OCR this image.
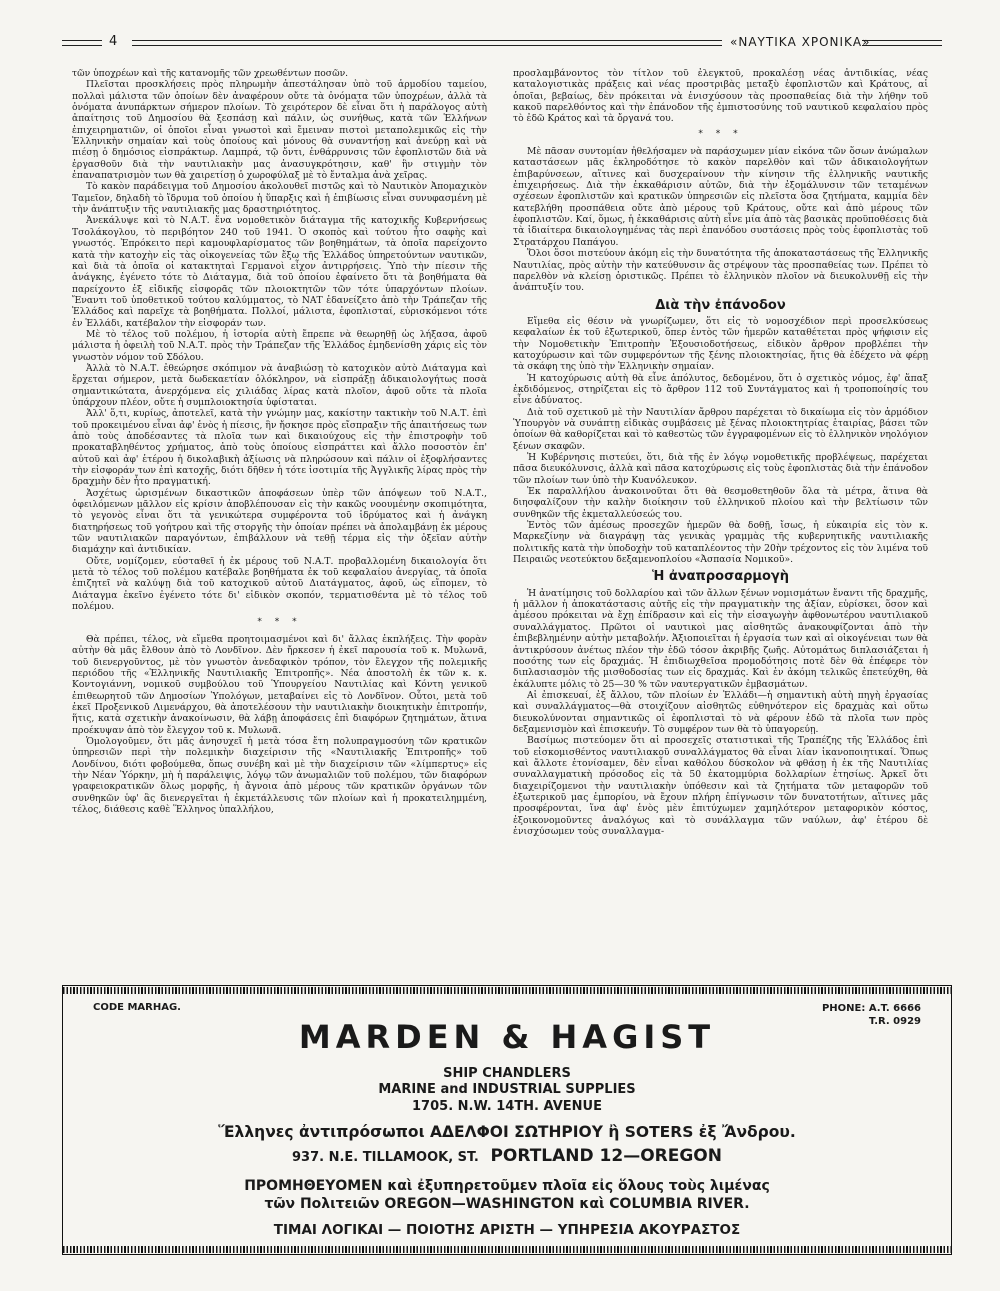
4	«ΝΑΥΤΙΚΑ ΧΡΟΝΙΚΑ»

τῶν ὑποχρέων καὶ τῆς κατανομῆς τῶν χρεωθέντων ποσῶν.

Πλεῖσται προσκλήσεις πρὸς πληρωμὴν ἀπεστάλησαν ὑπὸ τοῦ ἁρμοδίου ταμείου, πολλαὶ μάλιστα τῶν ὁποίων δὲν ἀναφέρουν οὔτε τὰ ὀνόματα τῶν ὑποχρέων, ἀλλὰ τὰ ὀνόματα ἀνυπάρκτων σήμερον πλοίων. Τὸ χειρότερον δὲ εἶναι ὅτι ἡ παράλογος αὐτὴ ἀπαίτησις τοῦ Δημοσίου θὰ ξεσπάσῃ καὶ πάλιν, ὡς συνήθως, κατὰ τῶν Ἑλλήνων ἐπιχειρηματιῶν, οἱ ὁποῖοι εἶναι γνωστοὶ καὶ ἔμειναν πιστοὶ μεταπολεμικῶς εἰς τὴν Ἑλληνικὴν σημαίαν καὶ τοὺς ὁποίους καὶ μόνους θὰ συναντήσῃ καὶ ἀνεύρῃ καὶ νὰ πιέσῃ ὁ δημόσιος εἰσπράκτωρ. Λαμπρά, τῷ ὄντι, ἐνθάρρυνσις τῶν ἐφοπλιστῶν διὰ νὰ ἐργασθοῦν διὰ τὴν ναυτιλιακὴν μας ἀνασυγκρότησιν, καθ' ἣν στιγμὴν τὸν ἐπαναπατρισμὸν των θὰ χαιρετίσῃ ὁ χωροφύλαξ μὲ τὸ ἔνταλμα ἀνὰ χεῖρας.

Τὸ κακὸν παράδειγμα τοῦ Δημοσίου ἀκολουθεῖ πιστῶς καὶ τὸ Ναυτικὸν Ἀπομαχικὸν Ταμεῖον, δηλαδὴ τὸ ἵδρυμα τοῦ ὁποίου ἡ ὕπαρξις καὶ ἡ ἐπιβίωσις εἶναι συνυφασμένη μὲ τὴν ἀνάπτυξιν τῆς ναυτιλιακῆς μας δραστηριότητος.

Ἀνεκάλυψε καὶ τὸ Ν.Α.Τ. ἕνα νομοθετικὸν διάταγμα τῆς κατοχικῆς Κυβερνήσεως Τσολάκογλου, τὸ περιβόητον 240 τοῦ 1941. Ὁ σκοπὸς καὶ τούτου ἦτο σαφὴς καὶ γνωστός. Ἐπρόκειτο περὶ καμουφλαρίσματος τῶν βοηθημάτων, τὰ ὁποῖα παρείχοντο κατὰ τὴν κατοχὴν εἰς τὰς οἰκογενείας τῶν ἔξω τῆς Ἑλλάδος ὑπηρετούντων ναυτικῶν, καὶ διὰ τὰ ὁποῖα οἱ κατακτηταὶ Γερμανοὶ εἶχον ἀντιρρήσεις. Ὑπὸ τὴν πίεσιν τῆς ἀνάγκης, ἐγένετο τότε τὸ Διάταγμα, διὰ τοῦ ὁποίου ἐφαίνετο ὅτι τὰ βοηθήματα θὰ παρείχοντο ἐξ εἰδικῆς εἰσφορᾶς τῶν πλοιοκτητῶν τῶν τότε ὑπαρχόντων πλοίων. Ἔναντι τοῦ ὑποθετικοῦ τούτου καλύμματος, τὸ ΝΑΤ ἐδανείζετο ἀπὸ τὴν Τράπεζαν τῆς Ἑλλάδος καὶ παρεῖχε τὰ βοηθήματα. Πολλοί, μάλιστα, ἐφοπλισταί, εὑρισκόμενοι τότε ἐν Ἑλλάδι, κατέβαλον τὴν εἰσφοράν των.

Μὲ τὸ τέλος τοῦ πολέμου, ἡ ἱστορία αὐτὴ ἔπρεπε νὰ θεωρηθῇ ὡς λήξασα, ἀφοῦ μάλιστα ἡ ὀφειλὴ τοῦ Ν.Α.Τ. πρὸς τὴν Τράπεζαν τῆς Ἑλλάδος ἐμηδενίσθη χάρις εἰς τὸν γνωστὸν νόμον τοῦ Σδόλου.

Ἀλλὰ τὸ Ν.Α.Τ. ἐθεώρησε σκόπιμον νὰ ἀναβιώσῃ τὸ κατοχικὸν αὐτὸ Διάταγμα καὶ ἔρχεται σήμερον, μετὰ δωδεκαετίαν ὁλόκληρον, νὰ εἰσπράξῃ ἀδικαιολογήτως ποσὰ σημαντικώτατα, ἀνερχόμενα εἰς χιλιάδας λίρας κατὰ πλοῖον, ἀφοῦ οὔτε τὰ πλοῖα ὑπάρχουν πλέον, οὔτε ἡ συμπλοιοκτησία ὑφίσταται.

Ἀλλ' ὅ,τι, κυρίως, ἀποτελεῖ, κατὰ τὴν γνώμην μας, κακίστην τακτικὴν τοῦ Ν.Α.Τ. ἐπὶ τοῦ προκειμένου εἶναι ἀφ' ἑνὸς ἡ πίεσις, ἣν ἤσκησε πρὸς εἴσπραξιν τῆς ἀπαιτήσεως των ἀπὸ τοὺς ἀποδέσαντες τὰ πλοῖα των καὶ δικαιούχους εἰς τὴν ἐπιστροφὴν τοῦ προκαταβληθέντος χρήματος, ἀπὸ τοὺς ὁποίους εἰσπράττει καὶ ἄλλο ποσοστὸν ἐπ' αὐτοῦ καὶ ἀφ' ἑτέρου ἡ δικολαβικὴ ἀξίωσις νὰ πληρώσουν καὶ πάλιν οἱ ἐξοφλήσαντες τὴν εἰσφοράν των ἐπὶ κατοχῆς, διότι δῆθεν ἡ τότε ἰσοτιμία τῆς Ἀγγλικῆς λίρας πρὸς τὴν δραχμὴν δὲν ἦτο πραγματική.

Ἀσχέτως ὡρισμένων δικαστικῶν ἀποφάσεων ὑπὲρ τῶν ἀπόψεων τοῦ Ν.Α.Τ., ὀφειλόμενων μᾶλλον εἰς κρίσιν ἀποβλέπουσαν εἰς τὴν κακῶς νοουμένην σκοπιμότητα, τὸ γεγονὸς εἶναι ὅτι τὰ γενικώτερα συμφέροντα τοῦ ἱδρύματος καὶ ἡ ἀνάγκη διατηρήσεως τοῦ γοήτρου καὶ τῆς στοργῆς τὴν ὁποίαν πρέπει νὰ ἀπολαμβάνῃ ἐκ μέρους τῶν ναυτιλιακῶν παραγόντων, ἐπιβάλλουν νὰ τεθῇ τέρμα εἰς τὴν ὀξεῖαν αὐτὴν διαμάχην καὶ ἀντιδικίαν.

Οὔτε, νομίζομεν, εὐσταθεῖ ἡ ἐκ μέρους τοῦ Ν.Α.Τ. προβαλλομένη δικαιολογία ὅτι μετὰ τὸ τέλος τοῦ πολέμου κατέβαλε βοηθήματα ἐκ τοῦ κεφαλαίου ἀνεργίας, τὰ ὁποῖα ἐπιζητεῖ νὰ καλύψῃ διὰ τοῦ κατοχικοῦ αὐτοῦ Διατάγματος, ἀφοῦ, ὡς εἴπομεν, τὸ Διάταγμα ἐκεῖνο ἐγένετο τότε δι' εἰδικὸν σκοπόν, τερματισθέντα μὲ τὸ τέλος τοῦ πολέμου.

* * *

Θὰ πρέπει, τέλος, νὰ εἴμεθα προητοιμασμένοι καὶ δι' ἄλλας ἐκπλήξεις. Τὴν φορὰν αὐτὴν θὰ μᾶς ἔλθουν ἀπὸ τὸ Λονδῖνον. Δὲν ἤρκεσεν ἡ ἐκεῖ παρουσία τοῦ κ. Μυλωνᾶ, τοῦ διενεργοῦντος, μὲ τὸν γνωστὸν ἀνεδαφικὸν τρόπον, τὸν ἔλεγχον τῆς πολεμικῆς περιόδου τῆς «Ἑλληνικῆς Ναυτιλιακῆς Ἐπιτροπῆς». Νέα ἀποστολὴ ἐκ τῶν κ. κ. Κοντογιάννη, νομικοῦ συμβούλου τοῦ Ὑπουργείου Ναυτιλίας καὶ Κόντη γενικοῦ ἐπιθεωρητοῦ τῶν Δημοσίων Ὑπολόγων, μεταβαίνει εἰς τὸ Λονδῖνον. Οὗτοι, μετὰ τοῦ ἐκεῖ Προξενικοῦ Λιμενάρχου, θὰ ἀποτελέσουν τὴν ναυτιλιακὴν διοικητικὴν ἐπιτροπήν, ἥτις, κατὰ σχετικὴν ἀνακοίνωσιν, θὰ λάβῃ ἀποφάσεις ἐπὶ διαφόρων ζητημάτων, ἅτινα προέκυψαν ἀπὸ τὸν ἔλεγχον τοῦ κ. Μυλωνᾶ.

Ὁμολογοῦμεν, ὅτι μᾶς ἀνησυχεῖ ἡ μετὰ τόσα ἔτη πολυπραγμοσύνη τῶν κρατικῶν ὑπηρεσιῶν περὶ τὴν πολεμικὴν διαχείρισιν τῆς «Ναυτιλιακῆς Ἐπιτροπῆς» τοῦ Λονδίνου, διότι φοβούμεθα, ὅπως συνέβη καὶ μὲ τὴν διαχείρισιν τῶν «λίμπερτυς» εἰς τὴν Νέαν Ὑόρκην, μὴ ἡ παράλειψις, λόγῳ τῶν ἀνωμαλιῶν τοῦ πολέμου, τῶν διαφόρων γραφειοκρατικῶν ὅλως μορφῆς, ἡ ἄγνοια ἀπὸ μέρους τῶν κρατικῶν ὀργάνων τῶν συνθηκῶν ὑφ' ἃς διενεργεῖται ἡ ἐκμετάλλευσις τῶν πλοίων καὶ ἡ προκατειλημμένη, τέλος, διάθεσις καθὲ Ἕλληνος ὑπαλλήλου,

προσλαμβάνοντος τὸν τίτλον τοῦ ἐλεγκτοῦ, προκαλέσῃ νέας ἀντιδικίας, νέας καταλογιστικὰς πράξεις καὶ νέας προστριβὰς μεταξὺ ἐφοπλιστῶν καὶ Κράτους, αἱ ὁποῖαι, βεβαίως, δὲν πρόκειται νὰ ἐνισχύσουν τὰς προσπαθείας διὰ τὴν λήθην τοῦ κακοῦ παρελθόντος καὶ τὴν ἐπάνοδον τῆς ἐμπιστοσύνης τοῦ ναυτικοῦ κεφαλαίου πρὸς τὸ ἐδῶ Κράτος καὶ τὰ ὄργανά του.

* * *

Μὲ πᾶσαν συντομίαν ἠθελήσαμεν νὰ παράσχωμεν μίαν εἰκόνα τῶν ὅσων ἀνώμαλων καταστάσεων μᾶς ἐκληροδότησε τὸ κακὸν παρελθὸν καὶ τῶν ἀδικαιολογήτων ἐπιβαρύνσεων, αἵτινες καὶ δυσχεραίνουν τὴν κίνησιν τῆς ἑλληνικῆς ναυτικῆς ἐπιχειρήσεως. Διὰ τὴν ἐκκαθάρισιν αὐτῶν, διὰ τὴν ἐξομάλυνσιν τῶν τεταμένων σχέσεων ἐφοπλιστῶν καὶ κρατικῶν ὑπηρεσιῶν εἰς πλεῖστα ὅσα ζητήματα, καμμία δὲν κατεβλήθη προσπάθεια οὔτε ἀπὸ μέρους τοῦ Κράτους, οὔτε καὶ ἀπὸ μέρους τῶν ἐφοπλιστῶν. Καί, ὅμως, ἡ ἐκκαθάρισις αὐτὴ εἶνε μία ἀπὸ τὰς βασικὰς προϋποθέσεις διὰ τὰ ἰδιαίτερα δικαιολογημένας τὰς περὶ ἐπανόδου συστάσεις πρὸς τοὺς ἐφοπλιστὰς τοῦ Στρατάρχου Παπάγου.

Ὅλοι ὅσοι πιστεύουν ἀκόμη εἰς τὴν δυνατότητα τῆς ἀποκαταστάσεως τῆς Ἑλληνικῆς Ναυτιλίας, πρὸς αὐτὴν τὴν κατεύθυνσιν ἂς στρέψουν τὰς προσπαθείας των. Πρέπει τὸ παρελθὸν νὰ κλείσῃ ὁριστικῶς. Πρέπει τὸ ἑλληνικὸν πλοῖον νὰ διευκολυνθῇ εἰς τὴν ἀνάπτυξίν του.

Διὰ τὴν ἐπάνοδον

Εἴμεθα εἰς θέσιν νὰ γνωρίζωμεν, ὅτι εἰς τὸ νομοσχέδιον περὶ προσελκύσεως κεφαλαίων ἐκ τοῦ ἐξωτερικοῦ, ὅπερ ἐντὸς τῶν ἡμερῶν καταθέτεται πρὸς ψήφισιν εἰς τὴν Νομοθετικὴν Ἐπιτροπὴν Ἐξουσιοδοτήσεως, εἰδικὸν ἄρθρον προβλέπει τὴν κατοχύρωσιν καὶ τῶν συμφερόντων τῆς ξένης πλοιοκτησίας, ἥτις θὰ ἐδέχετο νὰ φέρῃ τὰ σκάφη της ὑπὸ τὴν Ἑλληνικὴν σημαίαν.

Ἡ κατοχύρωσις αὐτὴ θὰ εἶνε ἀπόλυτος, δεδομένου, ὅτι ὁ σχετικὸς νόμος, ἐφ' ἅπαξ ἐκδιδόμενος, στηρίζεται εἰς τὸ ἄρθρον 112 τοῦ Συντάγματος καὶ ἡ τροποποίησίς του εἶνε ἀδύνατος.

Διὰ τοῦ σχετικοῦ μὲ τὴν Ναυτιλίαν ἄρθρου παρέχεται τὸ δικαίωμα εἰς τὸν ἁρμόδιον Ὑπουργὸν νὰ συνάπτῃ εἰδικὰς συμβάσεις μὲ ξένας πλοιοκτητρίας ἑταιρίας, βάσει τῶν ὁποίων θὰ καθορίζεται καὶ τὸ καθεστὼς τῶν ἐγγραφομένων εἰς τὸ ἑλληνικὸν νηολόγιον ξένων σκαφῶν.

Ἡ Κυβέρνησις πιστεύει, ὅτι, διὰ τῆς ἐν λόγῳ νομοθετικῆς προβλέψεως, παρέχεται πᾶσα διευκόλυνσις, ἀλλὰ καὶ πᾶσα κατοχύρωσις εἰς τοὺς ἐφοπλιστὰς διὰ τὴν ἐπάνοδον τῶν πλοίων των ὑπὸ τὴν Κυανόλευκον.

Ἐκ παραλλήλου ἀνακοινοῦται ὅτι θὰ θεσμοθετηθοῦν ὅλα τὰ μέτρα, ἅτινα θὰ διησφαλίζουν τὴν καλὴν διοίκησιν τοῦ ἑλληνικοῦ πλοίου καὶ τὴν βελτίωσιν τῶν συνθηκῶν τῆς ἐκμεταλλεύσεώς του.

Ἐντὸς τῶν ἀμέσως προσεχῶν ἡμερῶν θὰ δοθῇ, ἴσως, ἡ εὐκαιρία εἰς τὸν κ. Μαρκεζίνην νὰ διαγράψῃ τὰς γενικὰς γραμμὰς τῆς κυβερνητικῆς ναυτιλιακῆς πολιτικῆς κατὰ τὴν ὑποδοχὴν τοῦ καταπλέοντος τὴν 20ὴν τρέχοντος εἰς τὸν λιμένα τοῦ Πειραιῶς νεοτεύκτου δεξαμενοπλοίου «Ἀσπασία Νομικοῦ».

Ἡ ἀναπροσαρμογὴ

Ἡ ἀνατίμησις τοῦ δολλαρίου καὶ τῶν ἄλλων ξένων νομισμάτων ἔναντι τῆς δραχμῆς, ἡ μᾶλλον ἡ ἀποκατάστασις αὐτῆς εἰς τὴν πραγματικὴν της ἀξίαν, εὑρίσκει, ὅσον καὶ ἀμέσου πρόκειται νὰ ἔχῃ ἐπίδρασιν καὶ εἰς τὴν εἰσαγωγὴν ἀφθονωτέρου ναυτιλιακοῦ συναλλάγματος. Πρῶτοι οἱ ναυτικοὶ μας αἰσθητῶς ἀνακουφίζονται ἀπὸ τὴν ἐπιβεβλημένην αὐτὴν μεταβολήν. Ἀξιοποιεῖται ἡ ἐργασία των καὶ αἱ οἰκογένειαι των θὰ ἀντικρύσουν ἀνέτως πλέον τὴν ἐδῶ τόσον ἀκριβῆς ζωῆς. Αὐτομάτως διπλασιάζεται ἡ ποσότης των εἰς δραχμάς. Ἡ ἐπιδιωχθεῖσα προμοδότησις ποτὲ δὲν θὰ ἐπέφερε τὸν διπλασιασμὸν τῆς μισθοδοσίας των εἰς δραχμάς. Καὶ ἐν ἀκόμη τελικῶς ἐπετεύχθη, θὰ ἐκάλυπτε μόλις τὸ 25—30 % τῶν ναυτεργατικῶν ἐμβασμάτων.

Αἱ ἐπισκευαί, ἐξ ἄλλου, τῶν πλοίων ἐν Ἑλλάδι—ἡ σημαντικὴ αὐτὴ πηγὴ ἐργασίας καὶ συναλλάγματος—θὰ στοιχίζουν αἰσθητῶς εὐθηνότερον εἰς δραχμὰς καὶ οὕτω διευκολύνονται σημαντικῶς οἱ ἐφοπλισταὶ τὸ νὰ φέρουν ἐδῶ τὰ πλοῖα των πρὸς δεξαμενισμὸν καὶ ἐπισκευήν. Τὸ συμφέρον των θὰ τὸ ὑπαγορεύῃ.

Βασίμως πιστεύομεν ὅτι αἱ προσεχεῖς στατιστικαὶ τῆς Τραπέζης τῆς Ἑλλάδος ἐπὶ τοῦ εἰσκομισθέντος ναυτιλιακοῦ συναλλάγματος θὰ εἶναι λίαν ἱκανοποιητικαί. Ὅπως καὶ ἄλλοτε ἐτονίσαμεν, δὲν εἶναι καθόλου δύσκολον νὰ φθάσῃ ἡ ἐκ τῆς Ναυτιλίας συναλλαγματικὴ πρόσοδος εἰς τὰ 50 ἑκατομμύρια δολλαρίων ἐτησίως. Ἀρκεῖ ὅτι διαχειρίζομενοι τὴν ναυτιλιακὴν ὑπόθεσιν καὶ τὰ ζητήματα τῶν μεταφορῶν τοῦ ἐξωτερικοῦ μας ἐμπορίου, νὰ ἔχουν πλήρη ἐπίγνωσιν τῶν δυνατοτήτων, αἵτινες μᾶς προσφέρονται, ἵνα ἀφ' ἑνὸς μὲν ἐπιτύχωμεν χαμηλότερον μεταφορικὸν κόστος, ἐξοικονομοῦντες ἀναλόγως καὶ τὸ συνάλλαγμα τῶν ναύλων, ἀφ' ἑτέρου δὲ ἐνισχύσωμεν τοὺς συναλλαγμα-

CODE MARHAG.	PHONE: A.T. 6666
T.R. 0929
MARDEN & HAGIST
SHIP CHANDLERS
MARINE and INDUSTRIAL SUPPLIES
1705. N.W. 14TH. AVENUE
Ἕλληνες ἀντιπρόσωποι ΑΔΕΛΦΟΙ ΣΩΤΗΡΙΟΥ ἢ SOTERS ἐξ Ἄνδρου.
937. N.E. TILLAMOOK, ST. PORTLAND 12—OREGON
ΠΡΟΜΗΘΕΥΟΜΕΝ καὶ ἐξυπηρετοῦμεν πλοῖα εἰς ὅλους τοὺς λιμένας
τῶν Πολιτειῶν OREGON—WASHINGTON καὶ COLUMBIA RIVER.
ΤΙΜΑΙ ΛΟΓΙΚΑΙ — ΠΟΙΟΤΗΣ ΑΡΙΣΤΗ — ΥΠΗΡΕΣΙΑ ΑΚΟΥΡΑΣΤΟΣ
